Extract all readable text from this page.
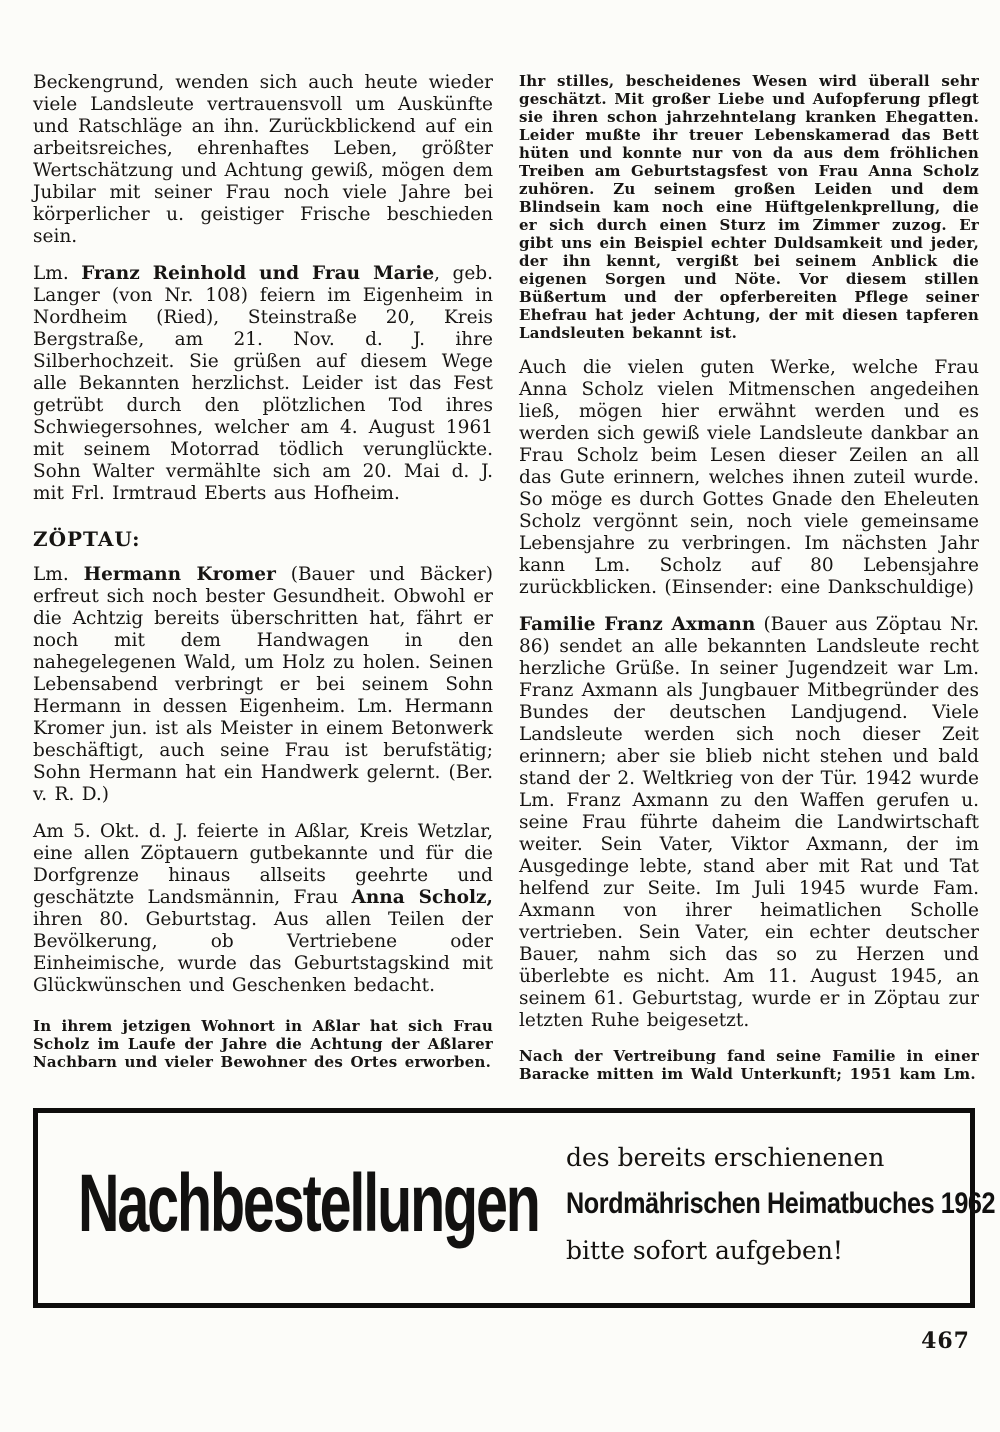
Beckengrund, wenden sich auch heute wieder viele Landsleute vertrauensvoll um Auskünfte und Ratschläge an ihn. Zurückblickend auf ein arbeitsreiches, ehrenhaftes Leben, größter Wertschätzung und Achtung gewiß, mögen dem Jubilar mit seiner Frau noch viele Jahre bei körperlicher u. geistiger Frische beschieden sein.

Lm. Franz Reinhold und Frau Marie, geb. Langer (von Nr. 108) feiern im Eigenheim in Nordheim (Ried), Steinstraße 20, Kreis Bergstraße, am 21. Nov. d. J. ihre Silberhochzeit. Sie grüßen auf diesem Wege alle Bekannten herzlichst. Leider ist das Fest getrübt durch den plötzlichen Tod ihres Schwiegersohnes, welcher am 4. August 1961 mit seinem Motorrad tödlich verunglückte. Sohn Walter vermählte sich am 20. Mai d. J. mit Frl. Irmtraud Eberts aus Hofheim.

ZÖPTAU:

Lm. Hermann Kromer (Bauer und Bäcker) erfreut sich noch bester Gesundheit. Obwohl er die Achtzig bereits überschritten hat, fährt er noch mit dem Handwagen in den nahegelegenen Wald, um Holz zu holen. Seinen Lebensabend verbringt er bei seinem Sohn Hermann in dessen Eigenheim. Lm. Hermann Kromer jun. ist als Meister in einem Betonwerk beschäftigt, auch seine Frau ist berufstätig; Sohn Hermann hat ein Handwerk gelernt. (Ber. v. R. D.)

Am 5. Okt. d. J. feierte in Aßlar, Kreis Wetzlar, eine allen Zöptauern gutbekannte und für die Dorfgrenze hinaus allseits geehrte und geschätzte Landsmännin, Frau Anna Scholz, ihren 80. Geburtstag. Aus allen Teilen der Bevölkerung, ob Vertriebene oder Einheimische, wurde das Geburtstagskind mit Glückwünschen und Geschenken bedacht.

In ihrem jetzigen Wohnort in Aßlar hat sich Frau Scholz im Laufe der Jahre die Achtung der Aßlarer Nachbarn und vieler Bewohner des Ortes erworben.

Ihr stilles, bescheidenes Wesen wird überall sehr geschätzt. Mit großer Liebe und Aufopferung pflegt sie ihren schon jahrzehntelang kranken Ehegatten. Leider mußte ihr treuer Lebenskamerad das Bett hüten und konnte nur von da aus dem fröhlichen Treiben am Geburtstagsfest von Frau Anna Scholz zuhören. Zu seinem großen Leiden und dem Blindsein kam noch eine Hüftgelenkprellung, die er sich durch einen Sturz im Zimmer zuzog. Er gibt uns ein Beispiel echter Duldsamkeit und jeder, der ihn kennt, vergißt bei seinem Anblick die eigenen Sorgen und Nöte. Vor diesem stillen Büßertum und der opferbereiten Pflege seiner Ehefrau hat jeder Achtung, der mit diesen tapferen Landsleuten bekannt ist.

Auch die vielen guten Werke, welche Frau Anna Scholz vielen Mitmenschen angedeihen ließ, mögen hier erwähnt werden und es werden sich gewiß viele Landsleute dankbar an Frau Scholz beim Lesen dieser Zeilen an all das Gute erinnern, welches ihnen zuteil wurde. So möge es durch Gottes Gnade den Eheleuten Scholz vergönnt sein, noch viele gemeinsame Lebensjahre zu verbringen. Im nächsten Jahr kann Lm. Scholz auf 80 Lebensjahre zurückblicken. (Einsender: eine Dankschuldige)

Familie Franz Axmann (Bauer aus Zöptau Nr. 86) sendet an alle bekannten Landsleute recht herzliche Grüße. In seiner Jugendzeit war Lm. Franz Axmann als Jungbauer Mitbegründer des Bundes der deutschen Landjugend. Viele Landsleute werden sich noch dieser Zeit erinnern; aber sie blieb nicht stehen und bald stand der 2. Weltkrieg von der Tür. 1942 wurde Lm. Franz Axmann zu den Waffen gerufen u. seine Frau führte daheim die Landwirtschaft weiter. Sein Vater, Viktor Axmann, der im Ausgedinge lebte, stand aber mit Rat und Tat helfend zur Seite. Im Juli 1945 wurde Fam. Axmann von ihrer heimatlichen Scholle vertrieben. Sein Vater, ein echter deutscher Bauer, nahm sich das so zu Herzen und überlebte es nicht. Am 11. August 1945, an seinem 61. Geburtstag, wurde er in Zöptau zur letzten Ruhe beigesetzt.

Nach der Vertreibung fand seine Familie in einer Baracke mitten im Wald Unterkunft; 1951 kam Lm.

Nachbestellungen
des bereits erschienenen
Nordmährischen Heimatbuches 1962
bitte sofort aufgeben!
467
